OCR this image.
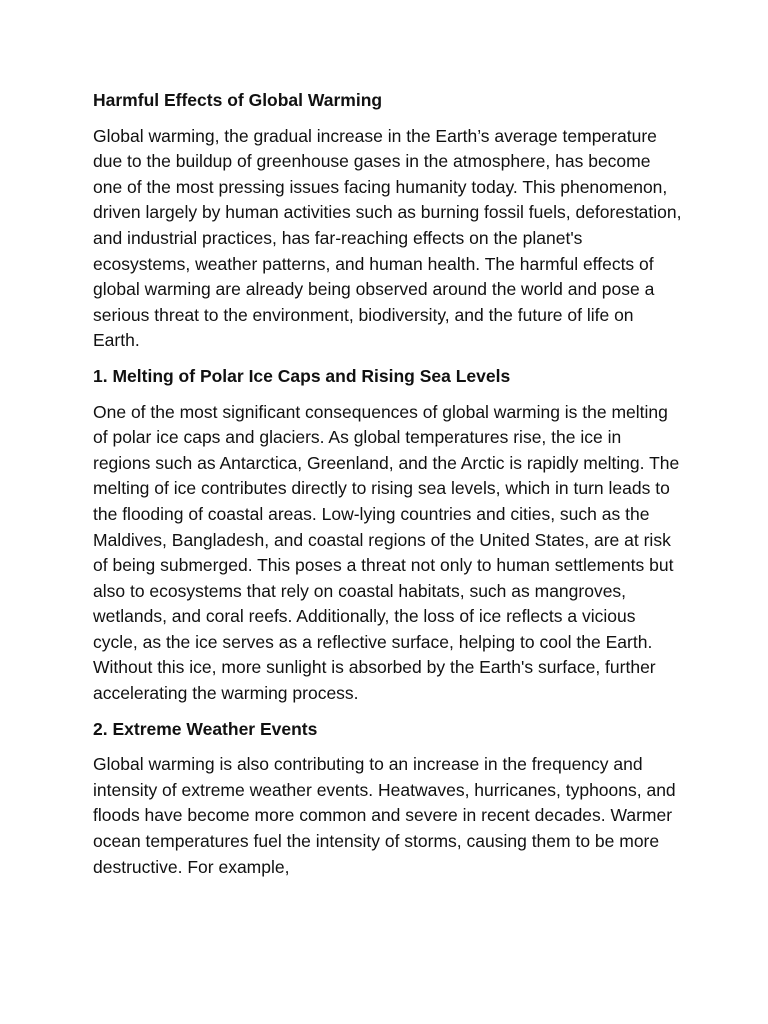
Harmful Effects of Global Warming
Global warming, the gradual increase in the Earth’s average temperature due to the buildup of greenhouse gases in the atmosphere, has become one of the most pressing issues facing humanity today. This phenomenon, driven largely by human activities such as burning fossil fuels, deforestation, and industrial practices, has far-reaching effects on the planet's ecosystems, weather patterns, and human health. The harmful effects of global warming are already being observed around the world and pose a serious threat to the environment, biodiversity, and the future of life on Earth.
1. Melting of Polar Ice Caps and Rising Sea Levels
One of the most significant consequences of global warming is the melting of polar ice caps and glaciers. As global temperatures rise, the ice in regions such as Antarctica, Greenland, and the Arctic is rapidly melting. The melting of ice contributes directly to rising sea levels, which in turn leads to the flooding of coastal areas. Low-lying countries and cities, such as the Maldives, Bangladesh, and coastal regions of the United States, are at risk of being submerged. This poses a threat not only to human settlements but also to ecosystems that rely on coastal habitats, such as mangroves, wetlands, and coral reefs. Additionally, the loss of ice reflects a vicious cycle, as the ice serves as a reflective surface, helping to cool the Earth. Without this ice, more sunlight is absorbed by the Earth's surface, further accelerating the warming process.
2. Extreme Weather Events
Global warming is also contributing to an increase in the frequency and intensity of extreme weather events. Heatwaves, hurricanes, typhoons, and floods have become more common and severe in recent decades. Warmer ocean temperatures fuel the intensity of storms, causing them to be more destructive. For example,
